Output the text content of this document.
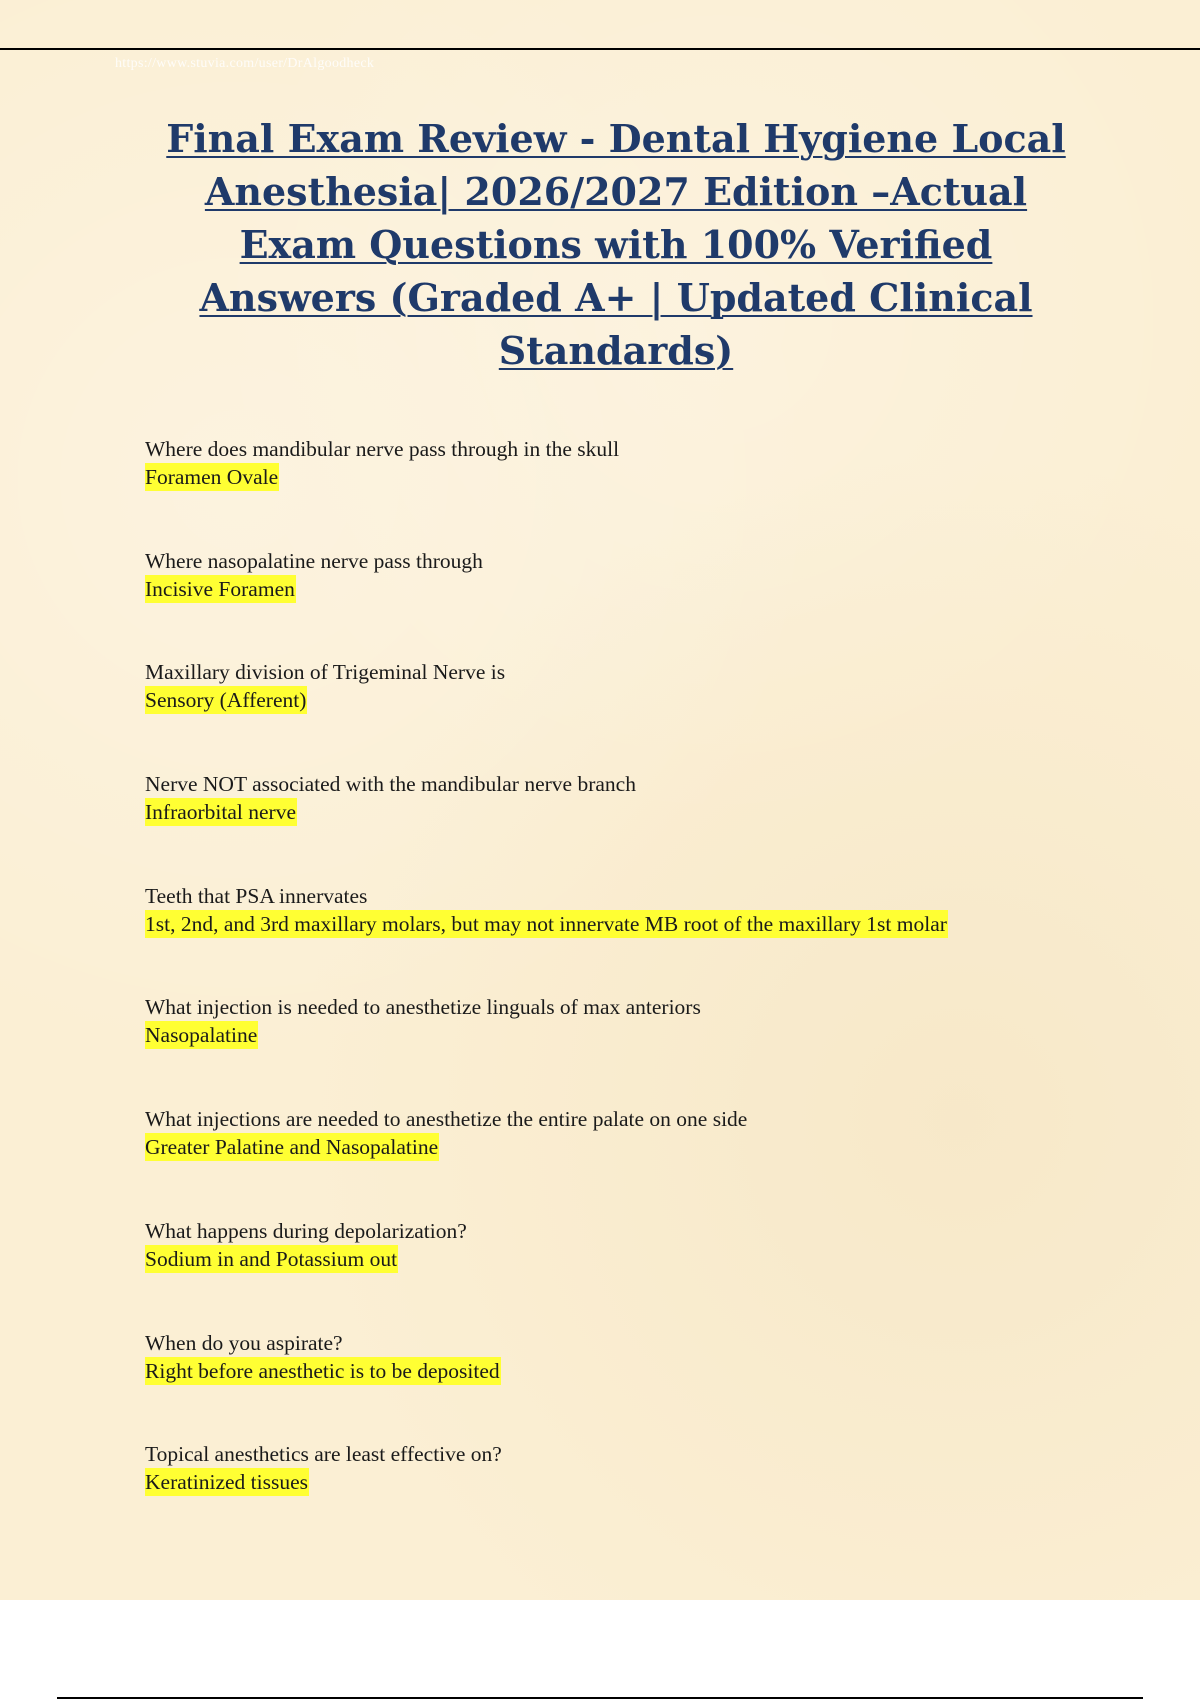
https://www.stuvia.com/user/DrAlgoodheck
Final Exam Review - Dental Hygiene Local Anesthesia| 2026/2027 Edition –Actual Exam Questions with 100% Verified Answers (Graded A+ | Updated Clinical Standards)
Where does mandibular nerve pass through in the skull
Foramen Ovale
Where nasopalatine nerve pass through
Incisive Foramen
Maxillary division of Trigeminal Nerve is
Sensory (Afferent)
Nerve NOT associated with the mandibular nerve branch
Infraorbital nerve
Teeth that PSA innervates
1st, 2nd, and 3rd maxillary molars, but may not innervate MB root of the maxillary 1st molar
What injection is needed to anesthetize linguals of max anteriors
Nasopalatine
What injections are needed to anesthetize the entire palate on one side
Greater Palatine and Nasopalatine
What happens during depolarization?
Sodium in and Potassium out
When do you aspirate?
Right before anesthetic is to be deposited
Topical anesthetics are least effective on?
Keratinized tissues
